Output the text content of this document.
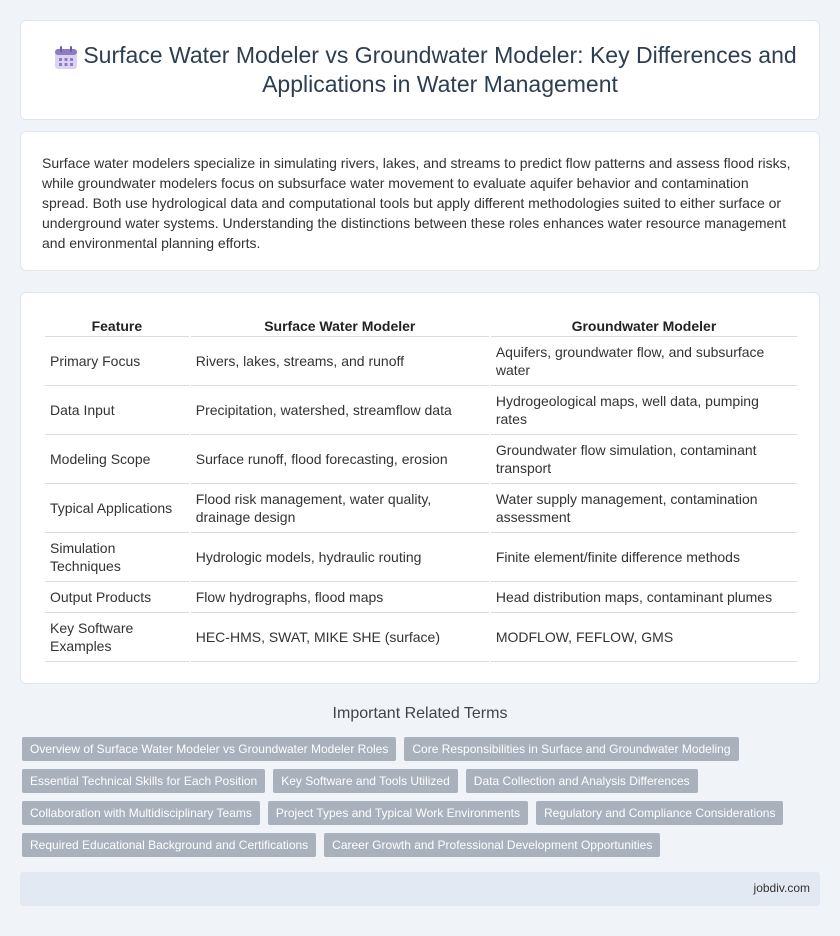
Surface Water Modeler vs Groundwater Modeler: Key Differences and Applications in Water Management

Surface water modelers specialize in simulating rivers, lakes, and streams to predict flow patterns and assess flood risks, while groundwater modelers focus on subsurface water movement to evaluate aquifer behavior and contamination spread. Both use hydrological data and computational tools but apply different methodologies suited to either surface or underground water systems. Understanding the distinctions between these roles enhances water resource management and environmental planning efforts.

Feature	Surface Water Modeler	Groundwater Modeler
Primary Focus	Rivers, lakes, streams, and runoff	Aquifers, groundwater flow, and subsurface water
Data Input	Precipitation, watershed, streamflow data	Hydrogeological maps, well data, pumping rates
Modeling Scope	Surface runoff, flood forecasting, erosion	Groundwater flow simulation, contaminant transport
Typical Applications	Flood risk management, water quality, drainage design	Water supply management, contamination assessment
Simulation Techniques	Hydrologic models, hydraulic routing	Finite element/finite difference methods
Output Products	Flow hydrographs, flood maps	Head distribution maps, contaminant plumes
Key Software Examples	HEC-HMS, SWAT, MIKE SHE (surface)	MODFLOW, FEFLOW, GMS
Important Related Terms
Overview of Surface Water Modeler vs Groundwater Modeler Roles	Core Responsibilities in Surface and Groundwater Modeling
Essential Technical Skills for Each Position	Key Software and Tools Utilized	Data Collection and Analysis Differences
Collaboration with Multidisciplinary Teams	Project Types and Typical Work Environments	Regulatory and Compliance Considerations
Required Educational Background and Certifications	Career Growth and Professional Development Opportunities
jobdiv.com
